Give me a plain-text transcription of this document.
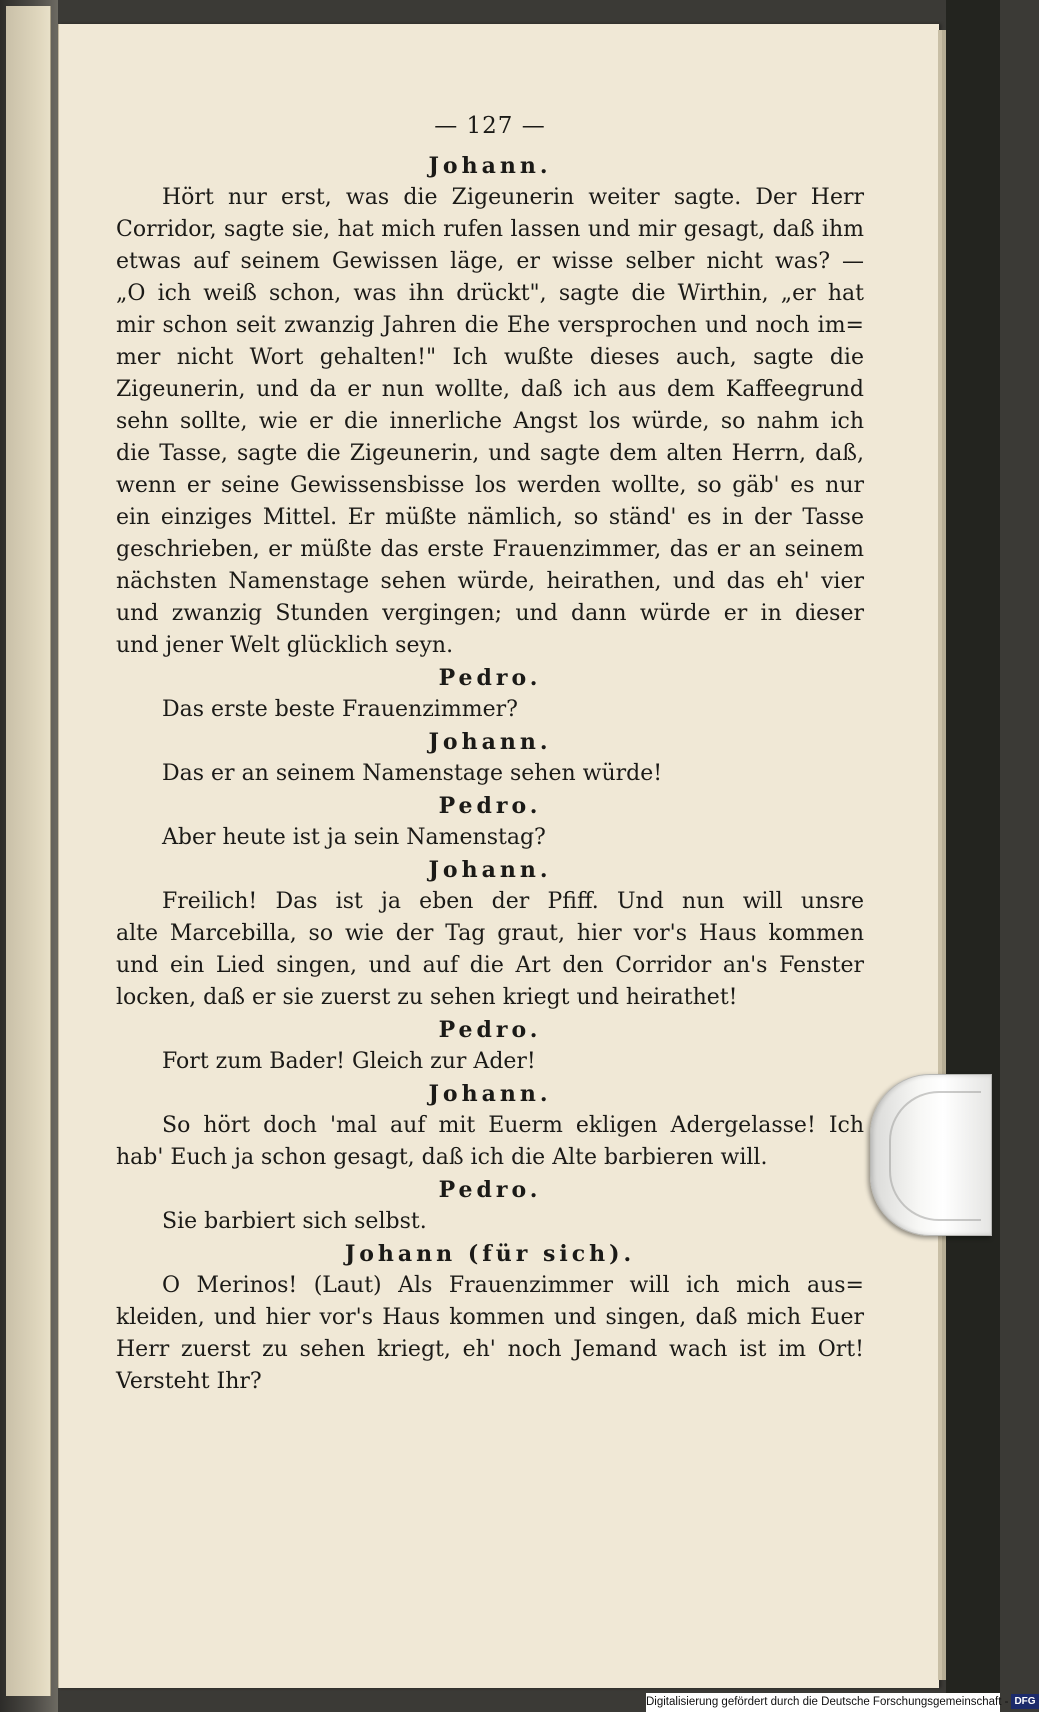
— 127 —
Johann.
Hört nur erst, was die Zigeunerin weiter sagte. Der Herr
Corridor, sagte sie, hat mich rufen lassen und mir gesagt, daß ihm
etwas auf seinem Gewissen läge, er wisse selber nicht was? —
„O ich weiß schon, was ihn drückt", sagte die Wirthin, „er hat
mir schon seit zwanzig Jahren die Ehe versprochen und noch im=
mer nicht Wort gehalten!" Ich wußte dieses auch, sagte die
Zigeunerin, und da er nun wollte, daß ich aus dem Kaffeegrund
sehn sollte, wie er die innerliche Angst los würde, so nahm ich
die Tasse, sagte die Zigeunerin, und sagte dem alten Herrn, daß,
wenn er seine Gewissensbisse los werden wollte, so gäb' es nur
ein einziges Mittel. Er müßte nämlich, so ständ' es in der Tasse
geschrieben, er müßte das erste Frauenzimmer, das er an seinem
nächsten Namenstage sehen würde, heirathen, und das eh' vier
und zwanzig Stunden vergingen; und dann würde er in dieser
und jener Welt glücklich seyn.
Pedro.
Das erste beste Frauenzimmer?
Johann.
Das er an seinem Namenstage sehen würde!
Pedro.
Aber heute ist ja sein Namenstag?
Johann.
Freilich! Das ist ja eben der Pfiff. Und nun will unsre
alte Marcebilla, so wie der Tag graut, hier vor's Haus kommen
und ein Lied singen, und auf die Art den Corridor an's Fenster
locken, daß er sie zuerst zu sehen kriegt und heirathet!
Pedro.
Fort zum Bader! Gleich zur Ader!
Johann.
So hört doch 'mal auf mit Euerm ekligen Adergelasse! Ich
hab' Euch ja schon gesagt, daß ich die Alte barbieren will.
Pedro.
Sie barbiert sich selbst.
Johann (für sich).
O Merinos! (Laut) Als Frauenzimmer will ich mich aus=
kleiden, und hier vor's Haus kommen und singen, daß mich Euer
Herr zuerst zu sehen kriegt, eh' noch Jemand wach ist im Ort!
Versteht Ihr?
Digitalisierung gefördert durch die Deutsche Forschungsgemeinschaft - DFG
